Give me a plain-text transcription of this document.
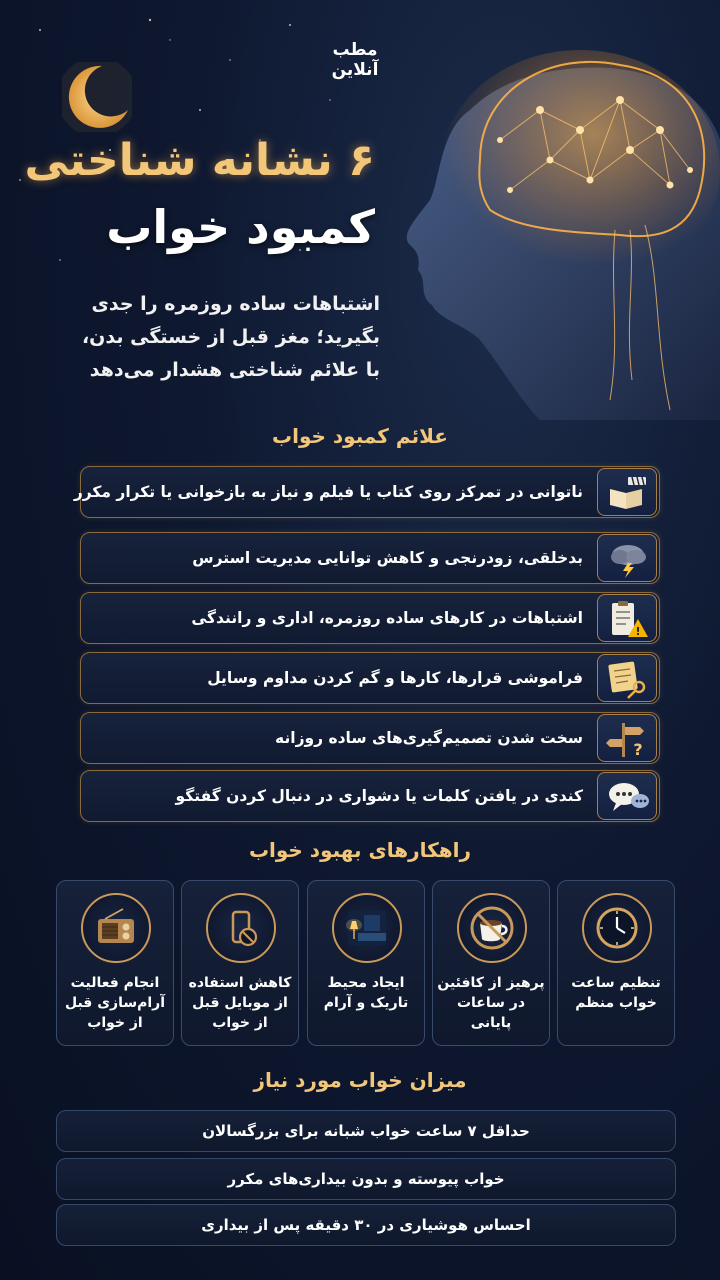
مطب
آنلاین
۶ نشانه شناختی
کمبود خواب
اشتباهات ساده روزمره را جدی
بگیرید؛ مغز قبل از خستگی بدن،
با علائم شناختی هشدار می‌دهد
علائم کمبود خواب
ناتوانی در تمرکز روی کتاب یا فیلم و نیاز به بازخوانی یا تکرار مکرر
بدخلقی، زودرنجی و کاهش توانایی مدیریت استرس
اشتباهات در کارهای ساده روزمره، اداری و رانندگی
!
فراموشی قرارها، کارها و گم کردن مداوم وسایل
سخت شدن تصمیم‌گیری‌های ساده روزانه
?
کندی در یافتن کلمات یا دشواری در دنبال کردن گفتگو
راهکارهای بهبود خواب
تنظیم ساعت خواب منظم
پرهیز از کافئین در ساعات پایانی
ایجاد محیط تاریک و آرام
کاهش استفاده از موبایل قبل از خواب
انجام فعالیت آرام‌سازی قبل از خواب
میزان خواب مورد نیاز
حداقل ۷ ساعت خواب شبانه برای بزرگسالان
خواب پیوسته و بدون بیداری‌های مکرر
احساس هوشیاری در ۳۰ دقیقه پس از بیداری
